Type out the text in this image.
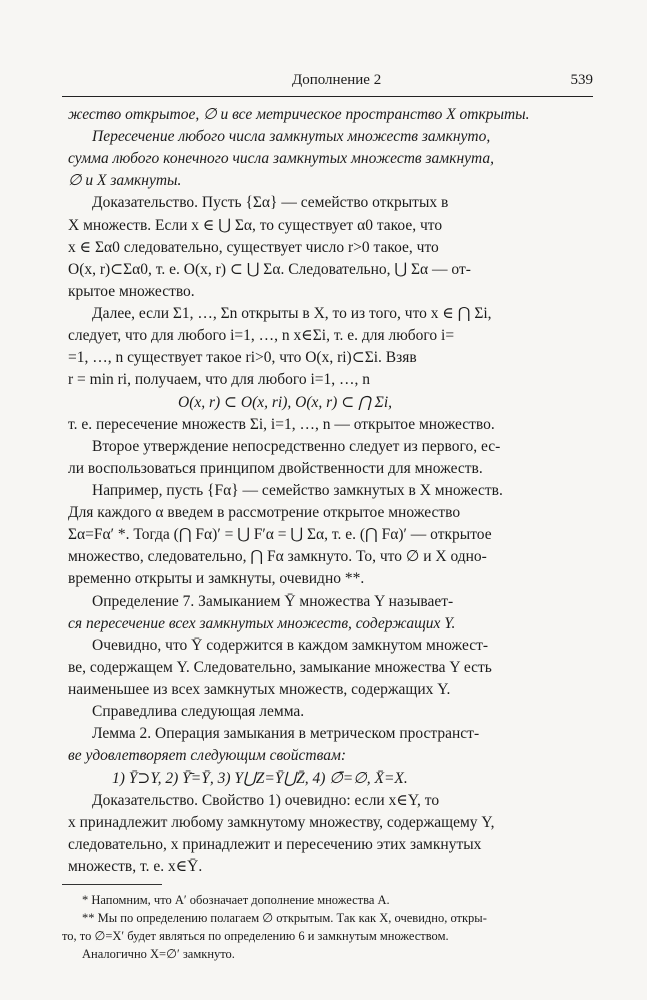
Дополнение 2	539
жество открытое, ∅ и все метрическое пространство X открыты.
Пересечение любого числа замкнутых множеств замкнуто,
сумма любого конечного числа замкнутых множеств замкнута,
∅ и X замкнуты.
Доказательство. Пусть {Σα} — семейство открытых в
X множеств. Если x ∈ ⋃ Σα, то существует α0 такое, что
x ∈ Σα0 следовательно, существует число r>0 такое, что
O(x, r)⊂Σα0, т. е. O(x, r) ⊂ ⋃ Σα. Следовательно, ⋃ Σα — от-
крытое множество.
Далее, если Σ1, …, Σn открыты в X, то из того, что x ∈ ⋂ Σi,
следует, что для любого i=1, …, n x∈Σi, т. е. для любого i=
=1, …, n существует такое ri>0, что O(x, ri)⊂Σi. Взяв
r = min ri, получаем, что для любого i=1, …, n
O(x, r) ⊂ O(x, ri), O(x, r) ⊂ ⋂ Σi,
т. е. пересечение множеств Σi, i=1, …, n — открытое множество.
Второе утверждение непосредственно следует из первого, ес-
ли воспользоваться принципом двойственности для множеств.
Например, пусть {Fα} — семейство замкнутых в X множеств.
Для каждого α введем в рассмотрение открытое множество
Σα=Fα′ *. Тогда (⋂ Fα)′ = ⋃ F′α = ⋃ Σα, т. е. (⋂ Fα)′ — открытое
множество, следовательно, ⋂ Fα замкнуто. То, что ∅ и X одно-
временно открыты и замкнуты, очевидно **.
Определение 7. Замыканием Ȳ множества Y называет-
ся пересечение всех замкнутых множеств, содержащих Y.
Очевидно, что Ȳ содержится в каждом замкнутом множест-
ве, содержащем Y. Следовательно, замыкание множества Y есть
наименьшее из всех замкнутых множеств, содержащих Y.
Справедлива следующая лемма.
Лемма 2. Операция замыкания в метрическом пространст-
ве удовлетворяет следующим свойствам:
1) Ȳ⊃Y, 2) Ȳ̄=Ȳ, 3) Y⋃Z=Ȳ⋃Z̄, 4) ∅̄=∅, X̄=X.
Доказательство. Свойство 1) очевидно: если x∈Y, то
x принадлежит любому замкнутому множеству, содержащему Y,
следовательно, x принадлежит и пересечению этих замкнутых
множеств, т. е. x∈Ȳ.
* Напомним, что A′ обозначает дополнение множества A.
** Мы по определению полагаем ∅ открытым. Так как X, очевидно, откры-
то, то ∅=X′ будет являться по определению 6 и замкнутым множеством.
Аналогично X=∅′ замкнуто.
